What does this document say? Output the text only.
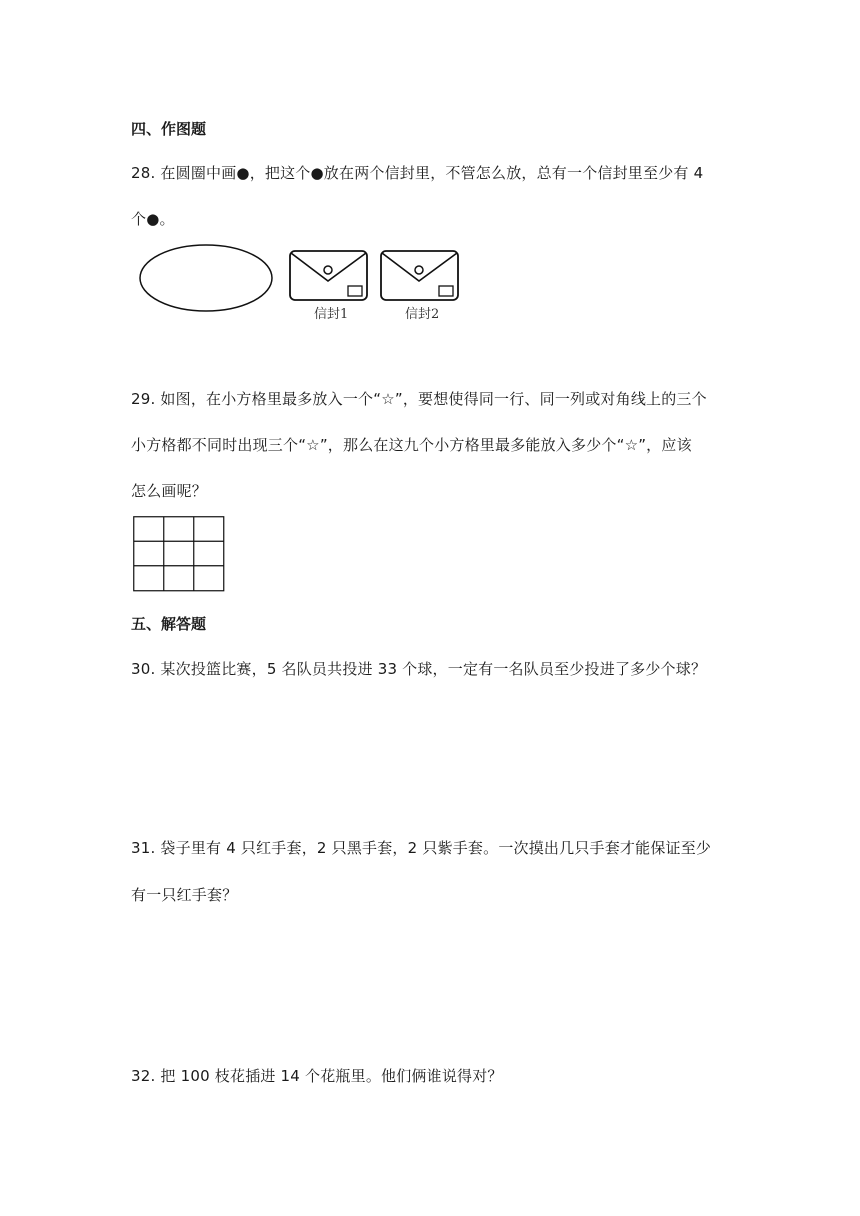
四、作图题
28. 在圆圈中画●，把这个●放在两个信封里，不管怎么放，总有一个信封里至少有 4
个●。
信封1	信封2
29. 如图，在小方格里最多放入一个“☆”，要想使得同一行、同一列或对角线上的三个
小方格都不同时出现三个“☆”，那么在这九个小方格里最多能放入多少个“☆”，应该
怎么画呢？
五、解答题
30. 某次投篮比赛，5 名队员共投进 33 个球，一定有一名队员至少投进了多少个球？
31. 袋子里有 4 只红手套，2 只黑手套，2 只紫手套。一次摸出几只手套才能保证至少
有一只红手套？
32. 把 100 枝花插进 14 个花瓶里。他们俩谁说得对？
